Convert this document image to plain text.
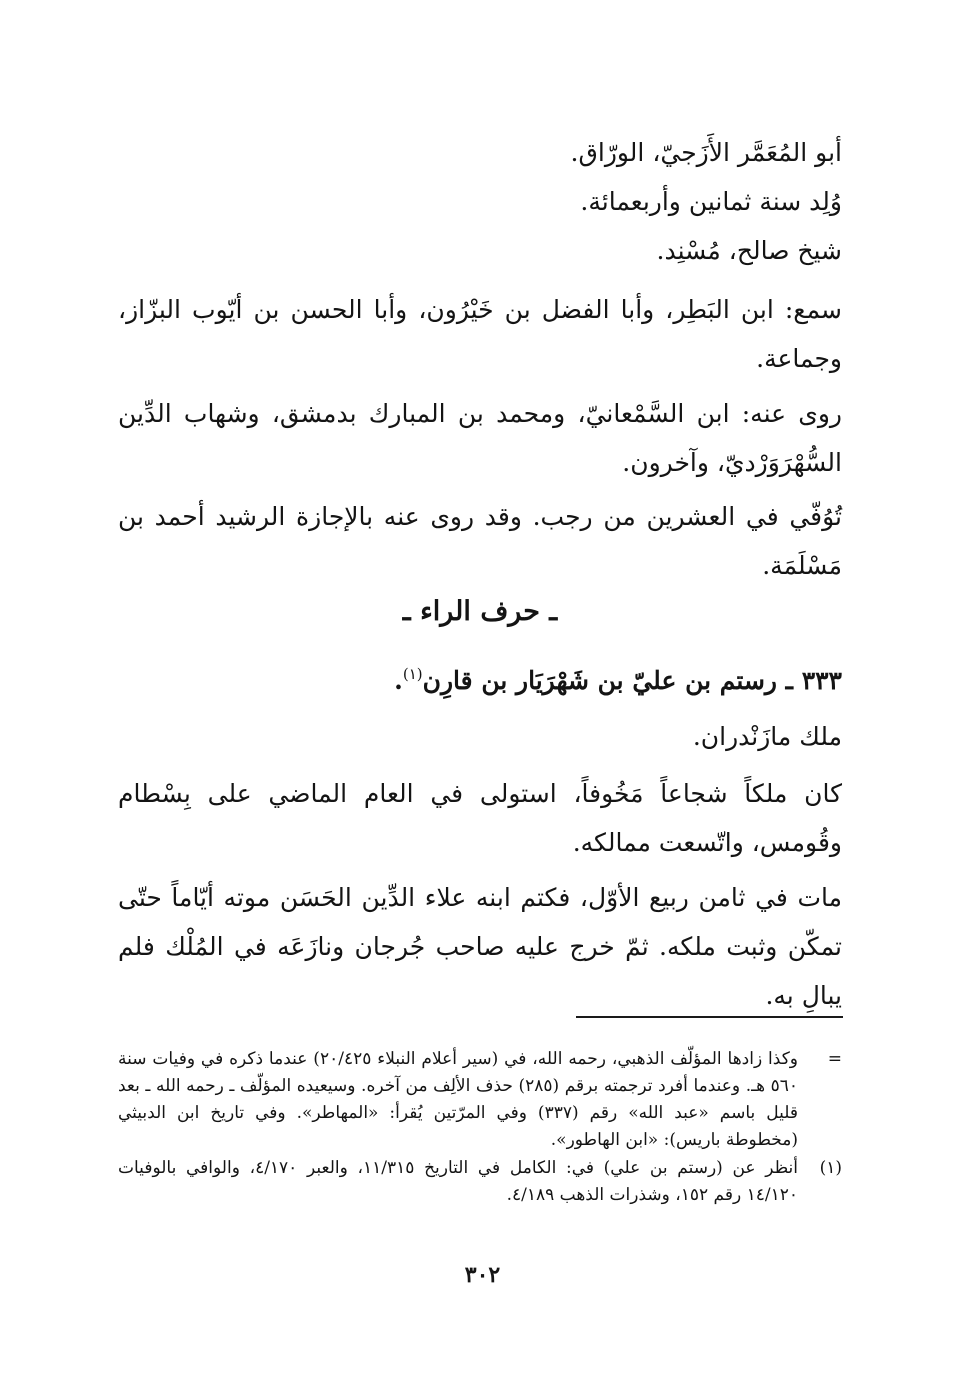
أبو المُعَمَّر الأَزَجيّ، الورّاق.
وُلِد سنة ثمانين وأربعمائة.
شيخ صالح، مُسْنِد.
سمع: ابن البَطِر، وأبا الفضل بن خَيْرُون، وأبا الحسن بن أيّوب البزّاز، وجماعة.
روى عنه: ابن السَّمْعانيّ، ومحمد بن المبارك بدمشق، وشهاب الدِّين السُّهْرَوَرْديّ، وآخرون.
تُوُفّي في العشرين من رجب. وقد روى عنه بالإجازة الرشيد أحمد بن مَسْلَمَة.
ـ حرف الراء ـ
٣٣٣ ـ رستم بن عليّ بن شَهْرَيَار بن قارِن$^{(١)}$.
ملك مازَنْدران.
كان ملكاً شجاعاً مَخُوفاً، استولى في العام الماضي على بِسْطام وقُومس، واتّسعت ممالكه.
مات في ثامن ربيع الأوّل، فكتم ابنه علاء الدِّين الحَسَن موته أيّاماً حتّى تمكّن وثبت ملكه. ثمّ خرج عليه صاحب جُرجان ونازَعَه في المُلْك فلم يبالِ به.
=
وكذا زادها المؤلّف الذهبي، رحمه الله، في (سير أعلام النبلاء ٢٠/٤٢٥) عندما ذكره في وفيات سنة ٥٦٠ هـ. وعندما أفرد ترجمته برقم (٢٨٥) حذف الألِف من آخره. وسيعيده المؤلّف ـ رحمه الله ـ بعد قليل باسم «عبد الله» رقم (٣٣٧) وفي المرّتين يُقرأ: «المهاطر». وفي تاريخ ابن الدبيثي (مخطوطة باريس): «ابن الهاطور».
(١)
أنظر عن (رستم بن علي) في: الكامل في التاريخ ١١/٣١٥، والعبر ٤/١٧٠، والوافي بالوفيات ١٤/١٢٠ رقم ١٥٢، وشذرات الذهب ٤/١٨٩.
٣٠٢
